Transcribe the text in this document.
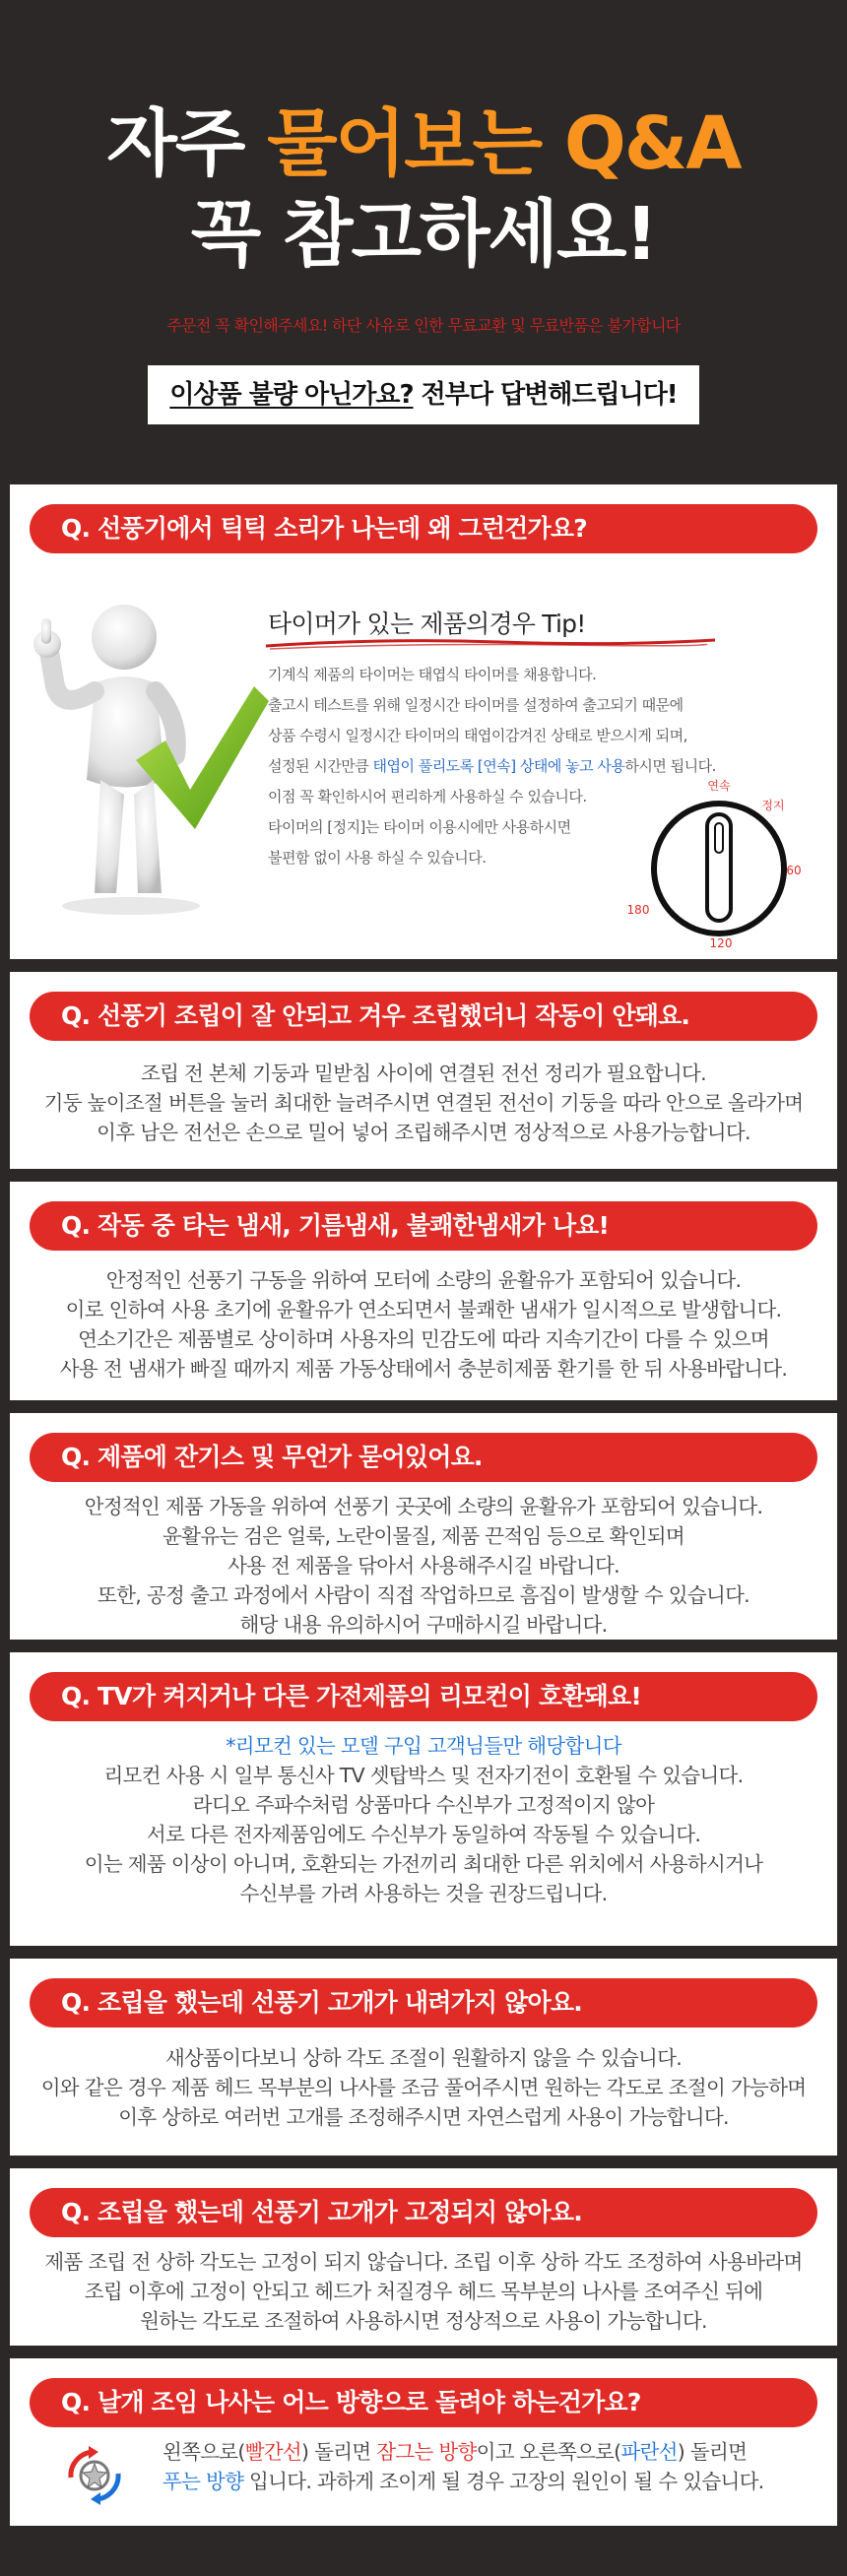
자주 물어보는 Q&A
꼭 참고하세요!
주문전 꼭 확인해주세요! 하단 사유로 인한 무료교환 및 무료반품은 불가합니다
이상품 불량 아닌가요? 전부다 답변해드립니다!
Q. 선풍기에서 틱틱 소리가 나는데 왜 그런건가요?
타이머가 있는 제품의경우 Tip!

기계식 제품의 타이머는 태엽식 타이머를 채용합니다.

출고시 테스트를 위해 일정시간 타이머를 설정하여 출고되기 때문에

상품 수령시 일정시간 타이머의 태엽이감겨진 상태로 받으시게 되며,

설정된 시간만큼 태엽이 풀리도록 [연속] 상태에 놓고 사용하시면 됩니다.

이점 꼭 확인하시어 편리하게 사용하실 수 있습니다.

타이머의 [정지]는 타이머 이용시에만 사용하시면

불편함 없이 사용 하실 수 있습니다.

연속
정지
60
120
180
Q. 선풍기 조립이 잘 안되고 겨우 조립했더니 작동이 안돼요.

조립 전 본체 기둥과 밑받침 사이에 연결된 전선 정리가 필요합니다.

기둥 높이조절 버튼을 눌러 최대한 늘려주시면 연결된 전선이 기둥을 따라 안으로 올라가며

이후 남은 전선은 손으로 밀어 넣어 조립해주시면 정상적으로 사용가능합니다.

Q. 작동 중 타는 냄새, 기름냄새, 불쾌한냄새가 나요!

안정적인 선풍기 구동을 위하여 모터에 소량의 윤활유가 포함되어 있습니다.

이로 인하여 사용 초기에 윤활유가 연소되면서 불쾌한 냄새가 일시적으로 발생합니다.

연소기간은 제품별로 상이하며 사용자의 민감도에 따라 지속기간이 다를 수 있으며

사용 전 냄새가 빠질 때까지 제품 가동상태에서 충분히제품 환기를 한 뒤 사용바랍니다.

Q. 제품에 잔기스 및 무언가 묻어있어요.

안정적인 제품 가동을 위하여 선풍기 곳곳에 소량의 윤활유가 포함되어 있습니다.

윤활유는 검은 얼룩, 노란이물질, 제품 끈적임 등으로 확인되며

사용 전 제품을 닦아서 사용해주시길 바랍니다.

또한, 공정 출고 과정에서 사람이 직접 작업하므로 흠집이 발생할 수 있습니다.

해당 내용 유의하시어 구매하시길 바랍니다.

Q. TV가 켜지거나 다른 가전제품의 리모컨이 호환돼요!

*리모컨 있는 모델 구입 고객님들만 해당합니다

리모컨 사용 시 일부 통신사 TV 셋탑박스 및 전자기전이 호환될 수 있습니다.

라디오 주파수처럼 상품마다 수신부가 고정적이지 않아

서로 다른 전자제품임에도 수신부가 동일하여 작동될 수 있습니다.

이는 제품 이상이 아니며, 호환되는 가전끼리 최대한 다른 위치에서 사용하시거나

수신부를 가려 사용하는 것을 권장드립니다.

Q. 조립을 했는데 선풍기 고개가 내려가지 않아요.

새상품이다보니 상하 각도 조절이 원활하지 않을 수 있습니다.

이와 같은 경우 제품 헤드 목부분의 나사를 조금 풀어주시면 원하는 각도로 조절이 가능하며

이후 상하로 여러번 고개를 조정해주시면 자연스럽게 사용이 가능합니다.

Q. 조립을 했는데 선풍기 고개가 고정되지 않아요.

제품 조립 전 상하 각도는 고정이 되지 않습니다. 조립 이후 상하 각도 조정하여 사용바라며

조립 이후에 고정이 안되고 헤드가 처질경우 헤드 목부분의 나사를 조여주신 뒤에

원하는 각도로 조절하여 사용하시면 정상적으로 사용이 가능합니다.

Q. 날개 조임 나사는 어느 방향으로 돌려야 하는건가요?

왼쪽으로(빨간선) 돌리면 잠그는 방향이고 오른쪽으로(파란선) 돌리면

푸는 방향 입니다. 과하게 조이게 될 경우 고장의 원인이 될 수 있습니다.
